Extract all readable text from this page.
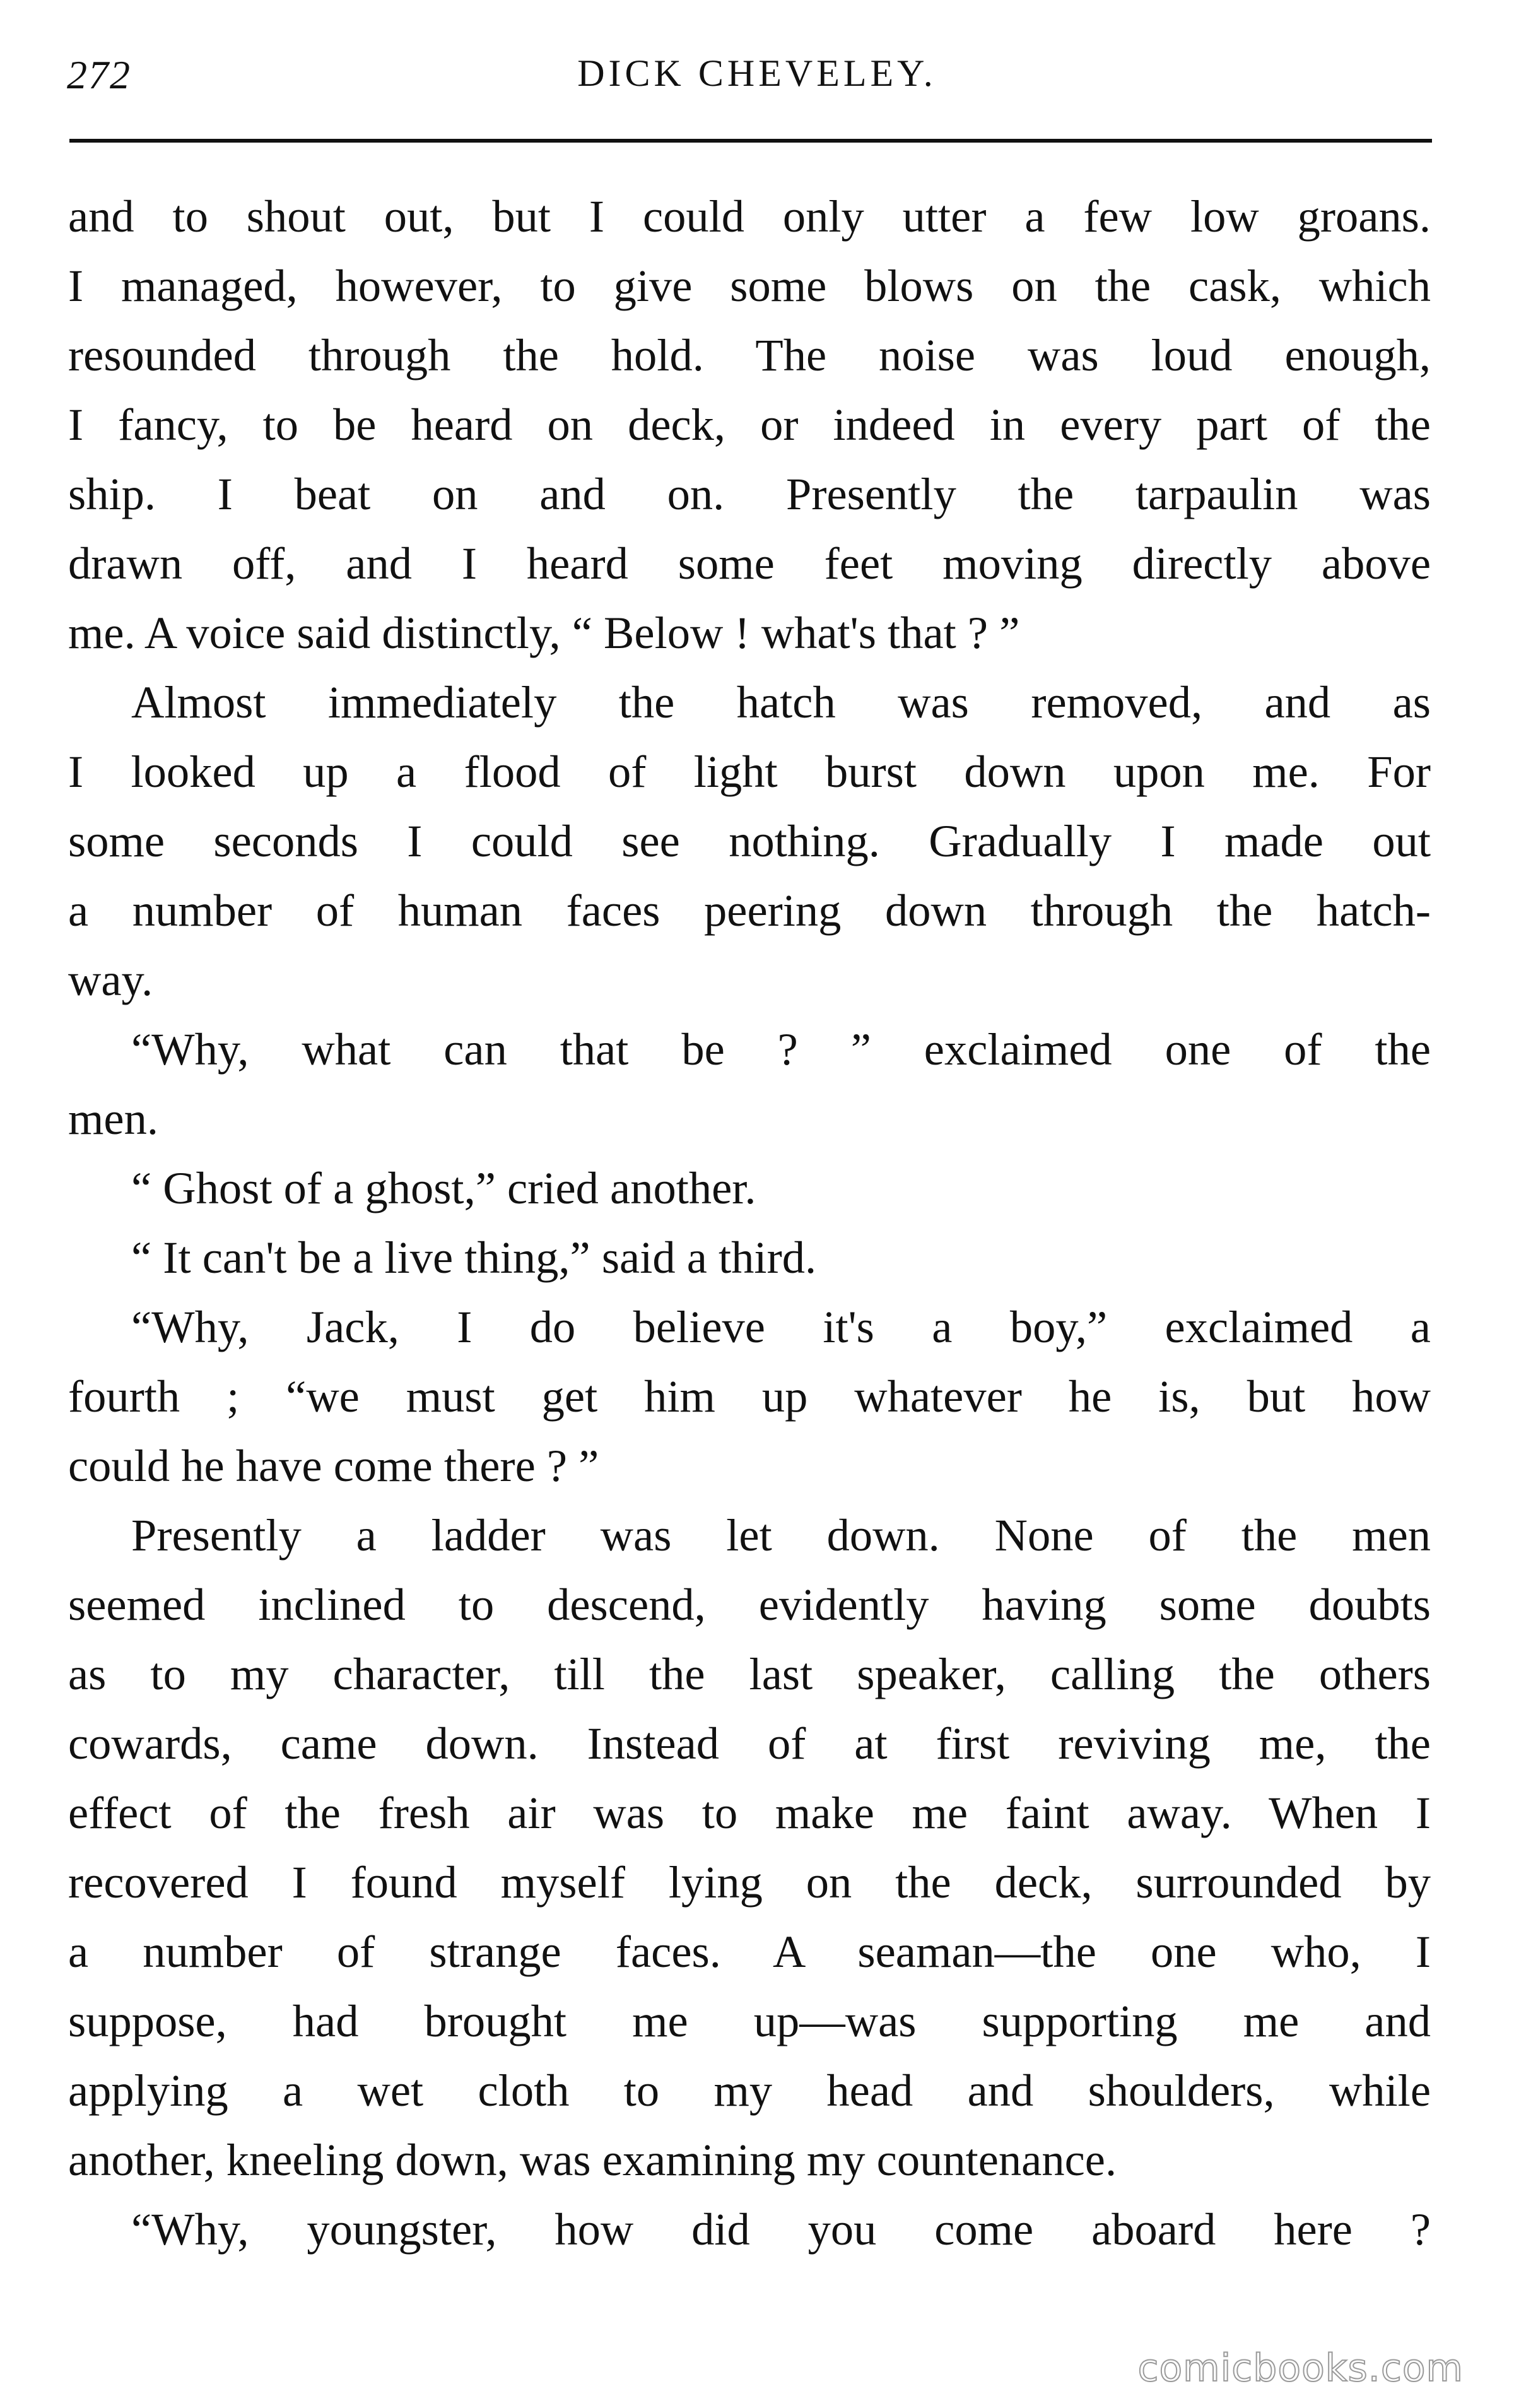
272	DICK CHEVELEY.
and to shout out, but I could only utter a few low groans.
I managed, however, to give some blows on the cask, which
resounded through the hold. The noise was loud enough,
I fancy, to be heard on deck, or indeed in every part of the
ship. I beat on and on. Presently the tarpaulin was
drawn off, and I heard some feet moving directly above
me. A voice said distinctly, “ Below ! what's that ? ”
Almost immediately the hatch was removed, and as
I looked up a flood of light burst down upon me. For
some seconds I could see nothing. Gradually I made out
a number of human faces peering down through the hatch-
way.
“Why, what can that be ? ” exclaimed one of the
men.
“ Ghost of a ghost,” cried another.
“ It can't be a live thing,” said a third.
“Why, Jack, I do believe it's a boy,” exclaimed a
fourth ; “we must get him up whatever he is, but how
could he have come there ? ”
Presently a ladder was let down. None of the men
seemed inclined to descend, evidently having some doubts
as to my character, till the last speaker, calling the others
cowards, came down. Instead of at first reviving me, the
effect of the fresh air was to make me faint away. When I
recovered I found myself lying on the deck, surrounded by
a number of strange faces. A seaman—the one who, I
suppose, had brought me up—was supporting me and
applying a wet cloth to my head and shoulders, while
another, kneeling down, was examining my countenance.
“Why, youngster, how did you come aboard here ?
comicbooks.com
